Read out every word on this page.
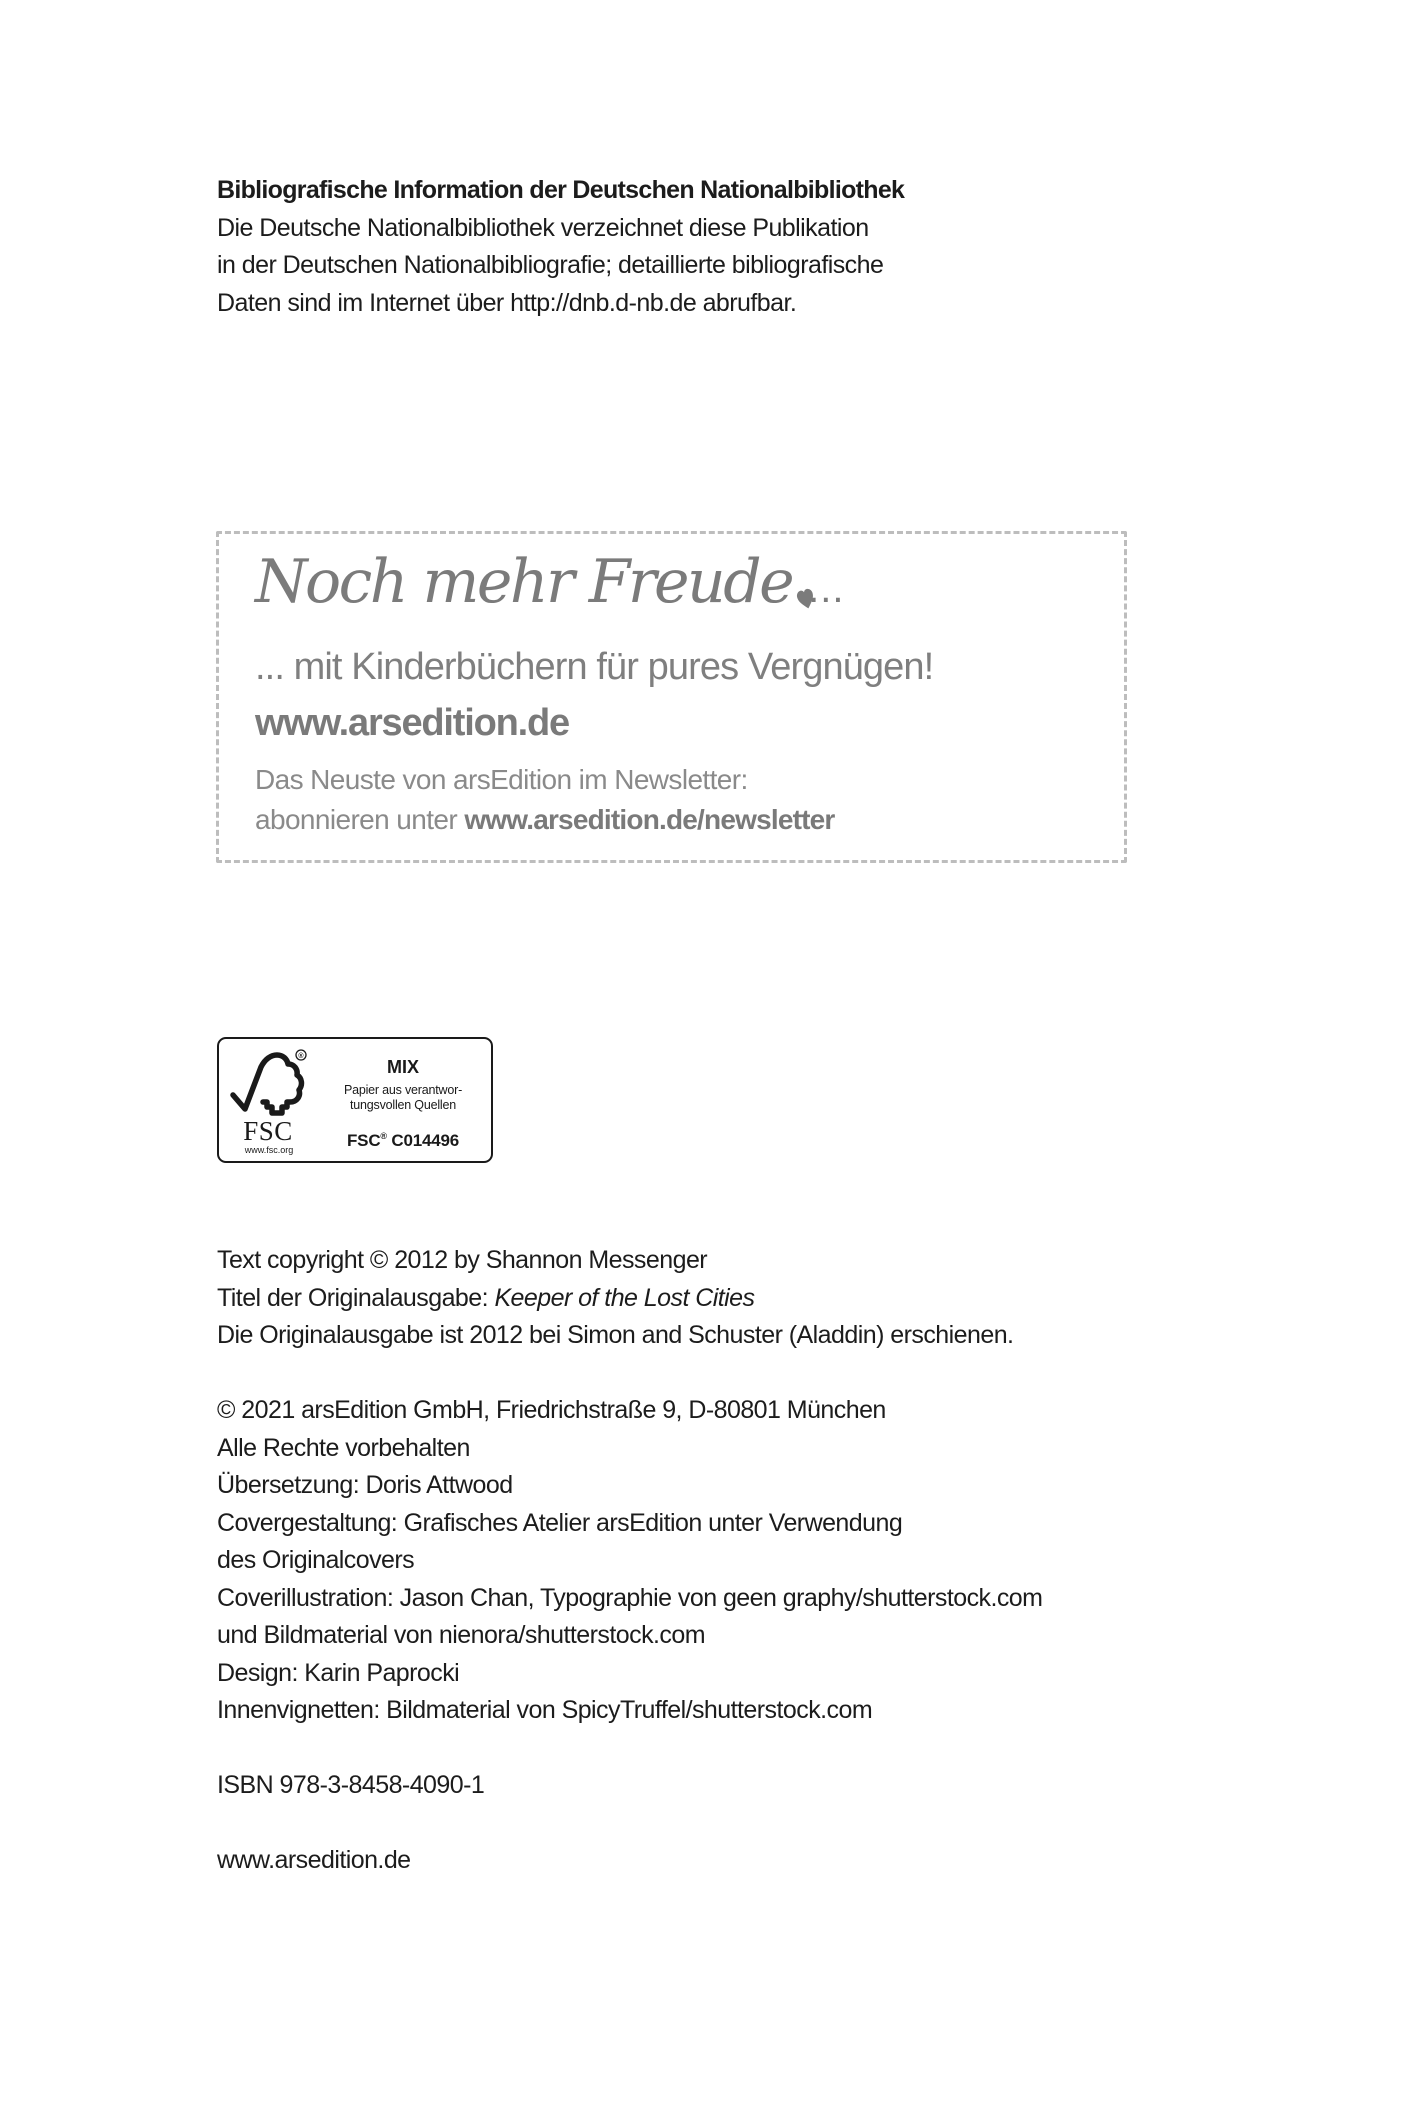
Bibliografische Information der Deutschen Nationalbibliothek
Die Deutsche Nationalbibliothek verzeichnet diese Publikation
in der Deutschen Nationalbibliografie; detaillierte bibliografische
Daten sind im Internet über http://dnb.d-nb.de abrufbar.
Noch mehr Freude ...
... mit Kinderbüchern für pures Vergnügen!
www.arsedition.de
Das Neuste von arsEdition im Newsletter:
abonnieren unter www.arsedition.de/newsletter
®
FSC
www.fsc.org
MIX
Papier aus verantwor-
tungsvollen Quellen
FSC® C014496
Text copyright © 2012 by Shannon Messenger
Titel der Originalausgabe: Keeper of the Lost Cities
Die Originalausgabe ist 2012 bei Simon and Schuster (Aladdin) erschienen.
© 2021 arsEdition GmbH, Friedrichstraße 9, D-80801 München
Alle Rechte vorbehalten
Übersetzung: Doris Attwood
Covergestaltung: Grafisches Atelier arsEdition unter Verwendung
des Originalcovers
Coverillustration: Jason Chan, Typographie von geen graphy/shutterstock.com
und Bildmaterial von nienora/shutterstock.com
Design: Karin Paprocki
Innenvignetten: Bildmaterial von SpicyTruffel/shutterstock.com
ISBN 978-3-8458-4090-1
www.arsedition.de
